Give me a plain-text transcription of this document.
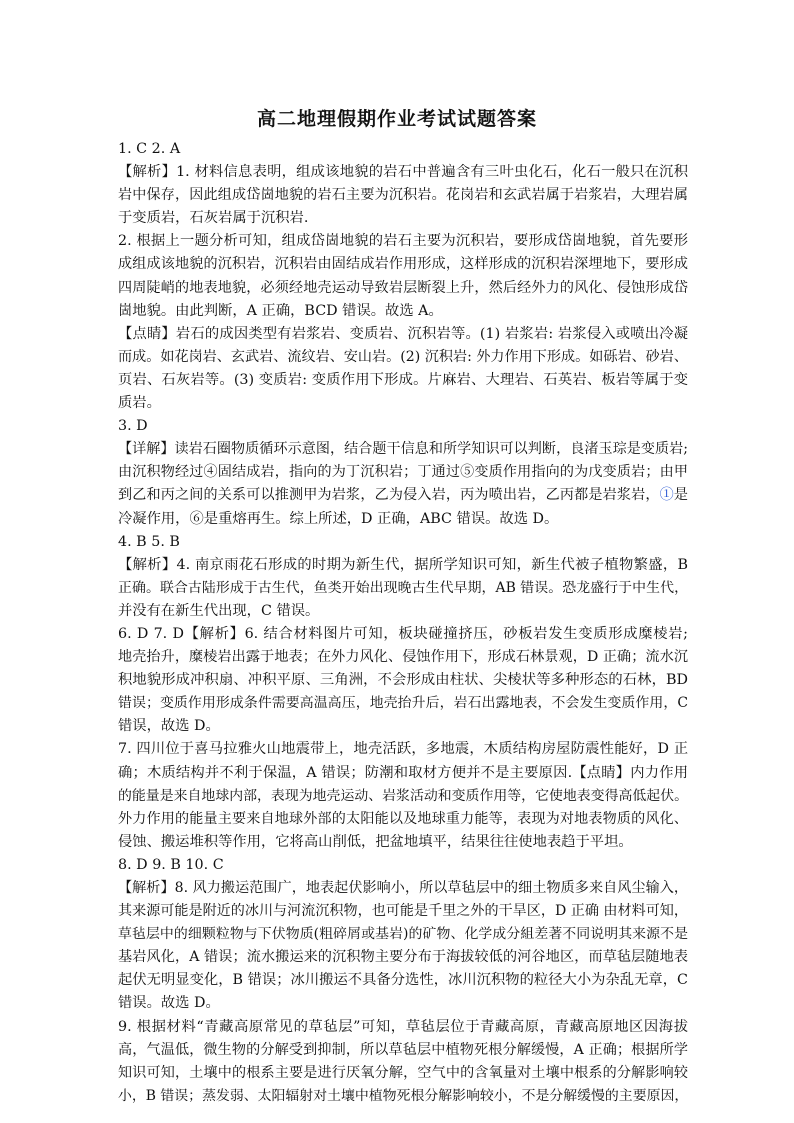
高二地理假期作业考试试题答案
1. C 2. A
【解析】1. 材料信息表明，组成该地貌的岩石中普遍含有三叶虫化石，化石一般只在沉积
岩中保存，因此组成岱崮地貌的岩石主要为沉积岩。花岗岩和玄武岩属于岩浆岩，大理岩属
于变质岩，石灰岩属于沉积岩.
2. 根据上一题分析可知，组成岱崮地貌的岩石主要为沉积岩，要形成岱崮地貌，首先要形
成组成该地貌的沉积岩，沉积岩由固结成岩作用形成，这样形成的沉积岩深埋地下，要形成
四周陡峭的地表地貌，必须经地壳运动导致岩层断裂上升，然后经外力的风化、侵蚀形成岱
崮地貌。由此判断，A 正确，BCD 错误。故选 A。
【点睛】岩石的成因类型有岩浆岩、变质岩、沉积岩等。(1) 岩浆岩: 岩浆侵入或喷出冷凝
而成。如花岗岩、玄武岩、流纹岩、安山岩。(2) 沉积岩: 外力作用下形成。如砾岩、砂岩、
页岩、石灰岩等。(3) 变质岩: 变质作用下形成。片麻岩、大理岩、石英岩、板岩等属于变
质岩。
3. D
【详解】读岩石圈物质循环示意图，结合题干信息和所学知识可以判断，良渚玉琮是变质岩;
由沉积物经过④固结成岩，指向的为丁沉积岩；丁通过⑤变质作用指向的为戊变质岩；由甲
到乙和丙之间的关系可以推测甲为岩浆，乙为侵入岩，丙为喷出岩，乙丙都是岩浆岩，①是
冷凝作用，⑥是重熔再生。综上所述，D 正确，ABC 错误。故选 D。
4. B 5. B
【解析】4. 南京雨花石形成的时期为新生代，据所学知识可知，新生代被子植物繁盛，B
正确。联合古陆形成于古生代，鱼类开始出现晚古生代早期，AB 错误。恐龙盛行于中生代，
并没有在新生代出现，C 错误。
6. D 7. D【解析】6. 结合材料图片可知，板块碰撞挤压，砂板岩发生变质形成糜棱岩;
地壳抬升，糜棱岩出露于地表；在外力风化、侵蚀作用下，形成石林景观，D 正确；流水沉
积地貌形成冲积扇、冲积平原、三角洲，不会形成由柱状、尖棱状等多种形态的石林，BD
错误；变质作用形成条件需要高温高压，地壳抬升后，岩石出露地表，不会发生变质作用，C
错误，故选 D。
7. 四川位于喜马拉雅火山地震带上，地壳活跃，多地震，木质结构房屋防震性能好，D 正
确；木质结构并不利于保温，A 错误；防潮和取材方便并不是主要原因.【点睛】内力作用
的能量是来自地球内部，表现为地壳运动、岩浆活动和变质作用等，它使地表变得高低起伏。
外力作用的能量主要来自地球外部的太阳能以及地球重力能等，表现为对地表物质的风化、
侵蚀、搬运堆积等作用，它将高山削低，把盆地填平，结果往往使地表趋于平坦。
8. D 9. B 10. C
【解析】8. 风力搬运范围广，地表起伏影响小，所以草毡层中的细土物质多来自风尘输入，
其来源可能是附近的冰川与河流沉积物，也可能是千里之外的干旱区，D 正确 由材料可知，
草毡层中的细颗粒物与下伏物质(粗碎屑或基岩)的矿物、化学成分組差著不同说明其来源不是
基岩风化，A 错误；流水搬运来的沉积物主要分布于海拔较低的河谷地区，而草毡层随地表
起伏无明显变化，B 错误；冰川搬运不具备分选性，冰川沉积物的粒径大小为杂乱无章，C
错误。故选 D。
9. 根据材料“青藏高原常见的草毡层”可知，草毡层位于青藏高原，青藏高原地区因海拔
高，气温低，微生物的分解受到抑制，所以草毡层中植物死根分解缓慢，A 正确；根据所学
知识可知，土壤中的根系主要是进行厌氧分解，空气中的含氧量对土壤中根系的分解影响较
小，B 错误；蒸发弱、太阳辐射对土壤中植物死根分解影响较小，不是分解缓慢的主要原因，
